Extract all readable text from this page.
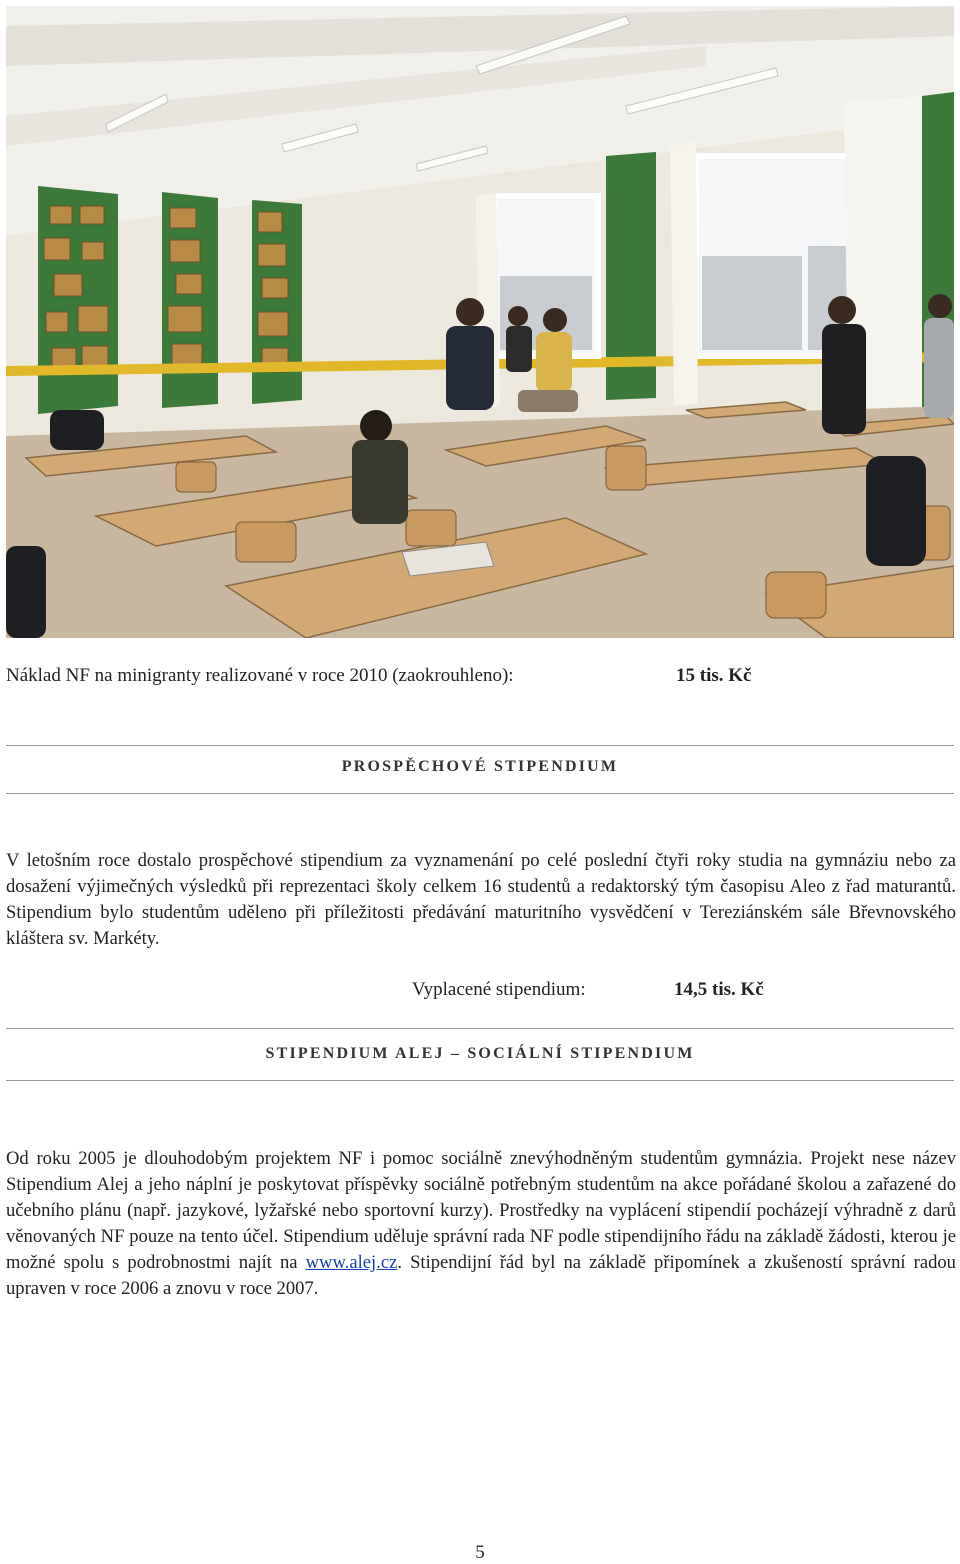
Náklad NF na minigranty realizované v roce 2010 (zaokrouhleno):	15 tis. Kč
PROSPĚCHOVÉ STIPENDIUM

V letošním roce dostalo prospěchové stipendium za vyznamenání po celé poslední čtyři roky studia na gymnáziu nebo za dosažení výjimečných výsledků při reprezentaci školy celkem 16 studentů a redaktorský tým časopisu Aleo z řad maturantů. Stipendium bylo studentům uděleno při příležitosti předávání maturitního vysvědčení v Tereziánském sále Břevnovského kláštera sv. Markéty.

Vyplacené stipendium:	14,5 tis. Kč
STIPENDIUM ALEJ – SOCIÁLNÍ STIPENDIUM

Od roku 2005 je dlouhodobým projektem NF i pomoc sociálně znevýhodněným studentům gymnázia. Projekt nese název Stipendium Alej a jeho náplní je poskytovat příspěvky sociálně potřebným studentům na akce pořádané školou a zařazené do učebního plánu (např. jazykové, lyžařské nebo sportovní kurzy). Prostředky na vyplácení stipendií pocházejí výhradně z darů věnovaných NF pouze na tento účel. Stipendium uděluje správní rada NF podle stipendijního řádu na základě žádosti, kterou je možné spolu s podrobnostmi najít na www.alej.cz. Stipendijní řád byl na základě připomínek a zkušeností správní radou upraven v roce 2006 a znovu v roce 2007.

5
